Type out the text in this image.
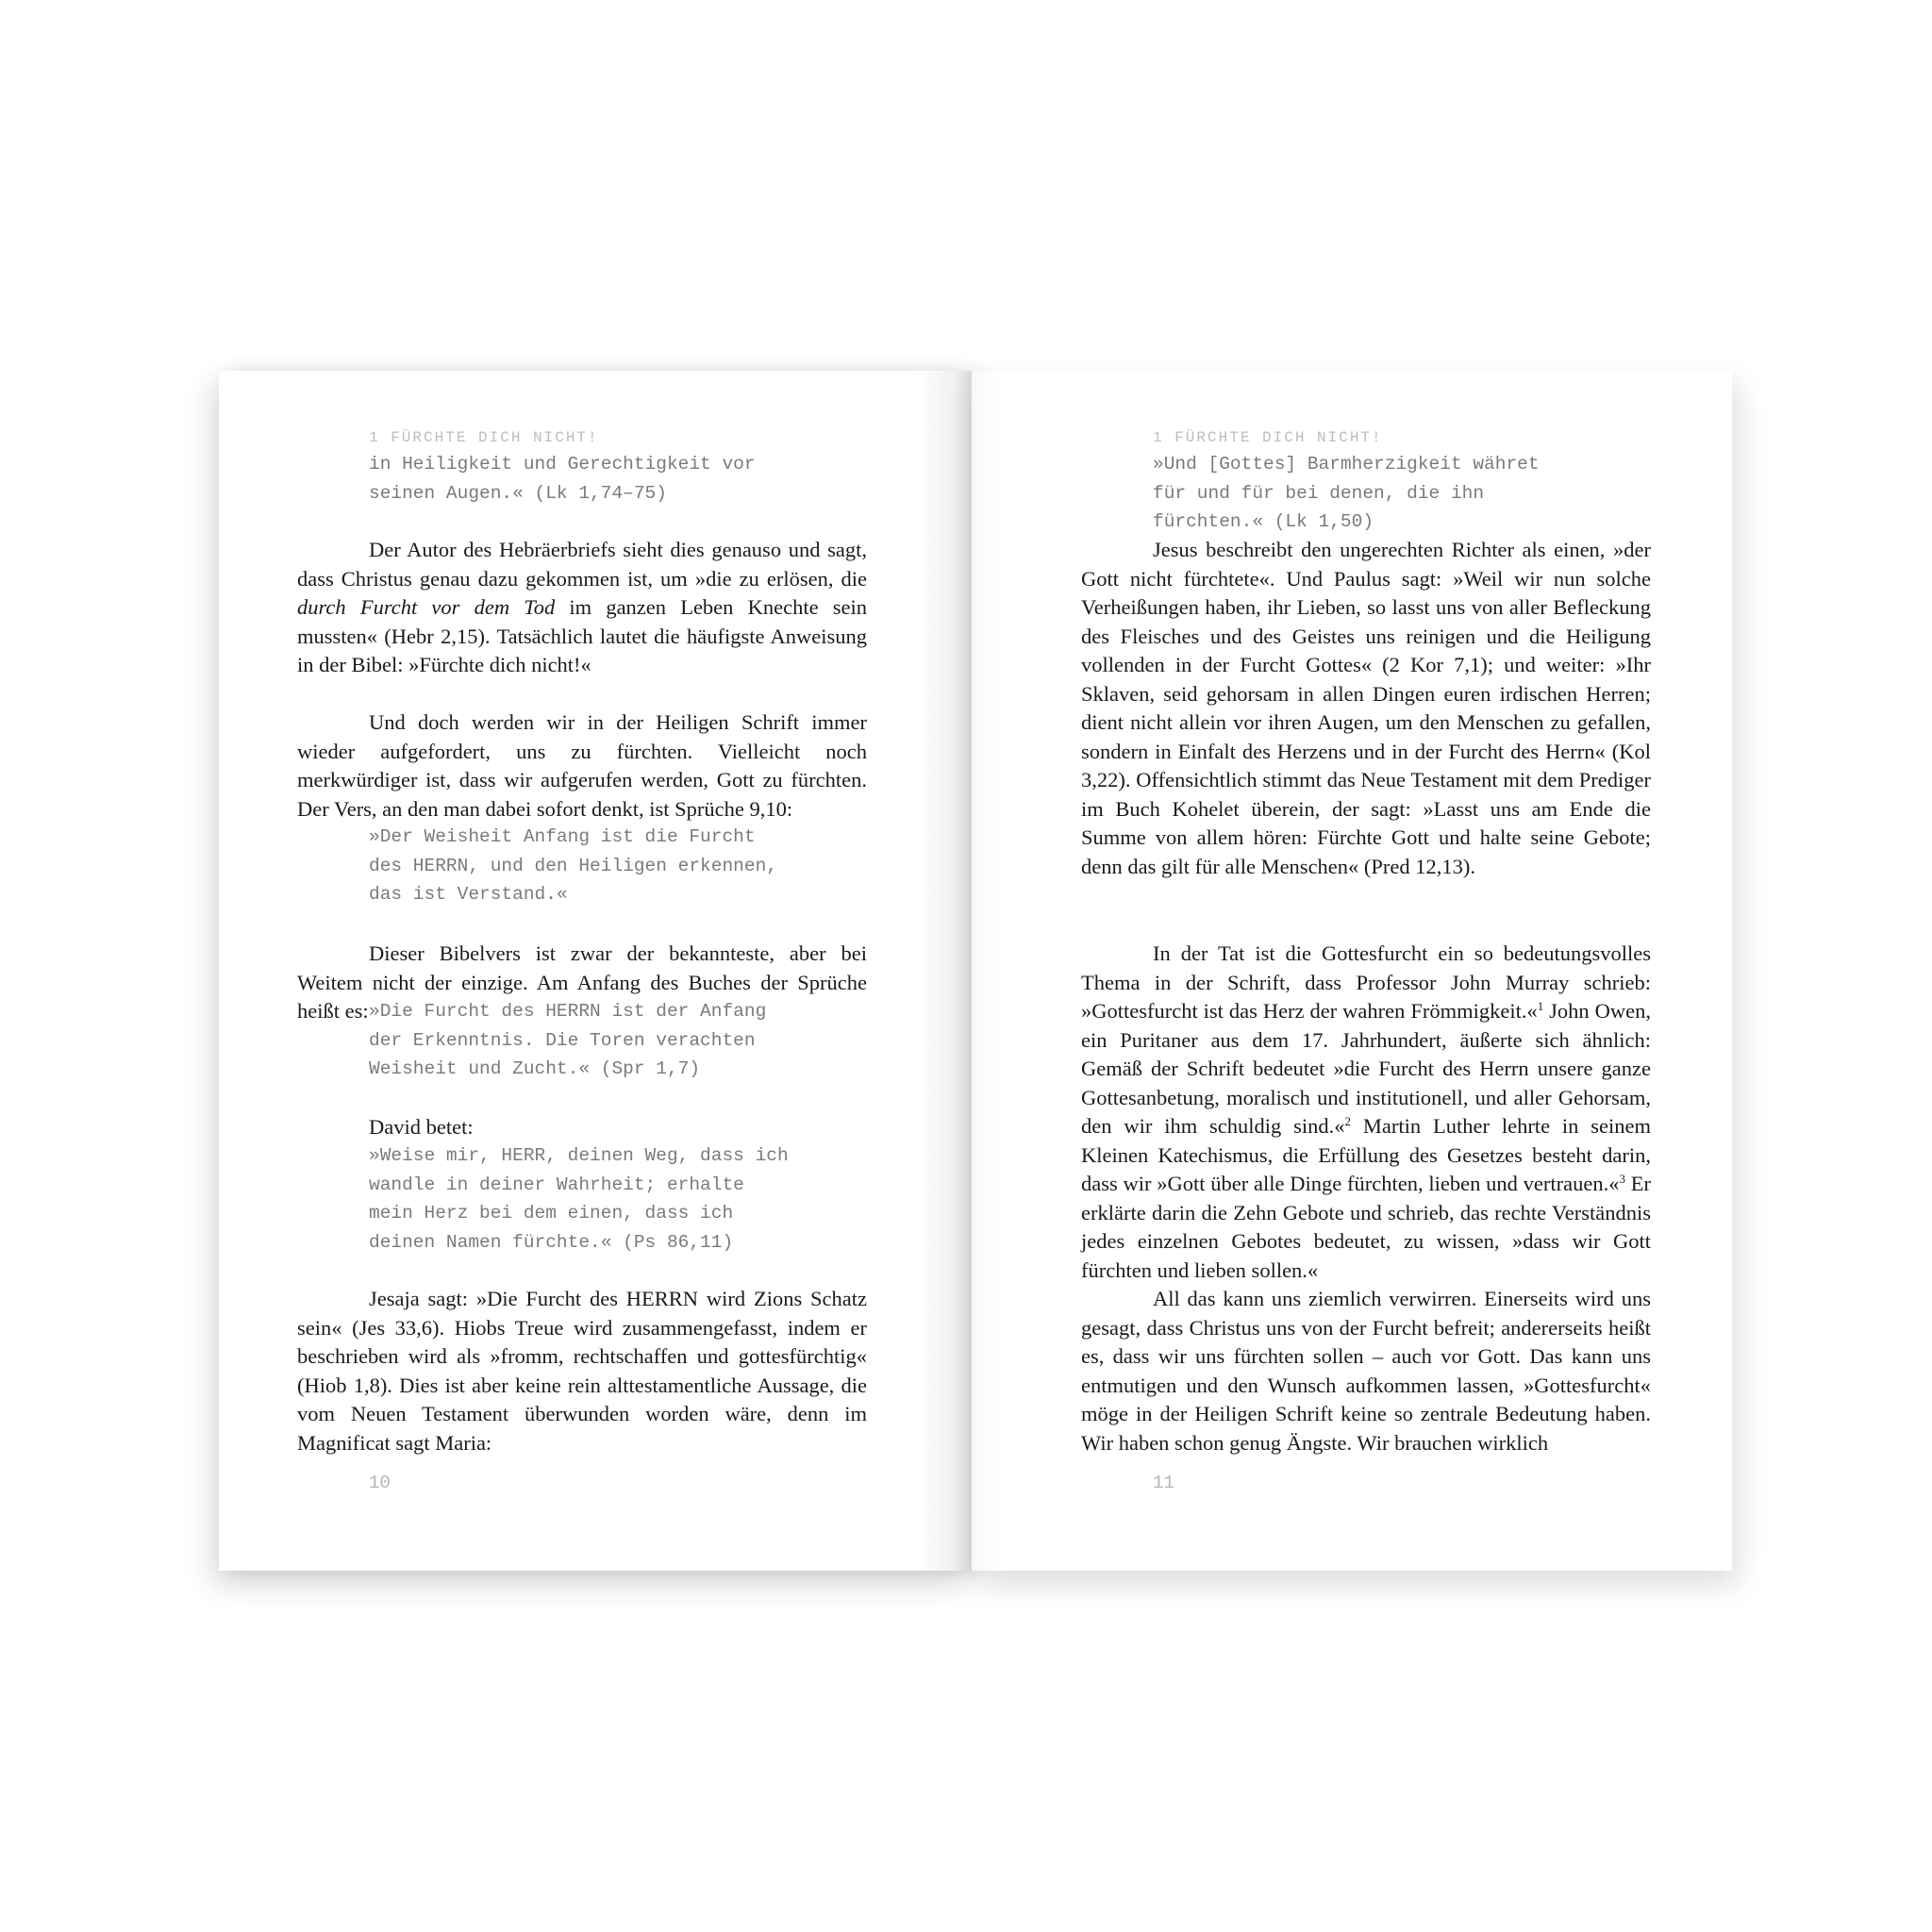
1 FÜRCHTE DICH NICHT!

in Heiligkeit und Gerechtigkeit vor seinen Augen.« (Lk 1,74–75)

Der Autor des Hebräerbriefs sieht dies genauso und sagt, dass Christus genau dazu gekommen ist, um »die zu erlösen, die durch Furcht vor dem Tod im ganzen Leben Knechte sein mussten« (Hebr 2,15). Tatsächlich lautet die häufigste Anweisung in der Bibel: »Fürchte dich nicht!«

Und doch werden wir in der Heiligen Schrift immer wieder aufgefordert, uns zu fürchten. Vielleicht noch merkwürdiger ist, dass wir aufgerufen werden, Gott zu fürchten. Der Vers, an den man dabei sofort denkt, ist Sprüche 9,10:

»Der Weisheit Anfang ist die Furcht des HERRN, und den Heiligen erkennen, das ist Verstand.«

Dieser Bibelvers ist zwar der bekannteste, aber bei Weitem nicht der einzige. Am Anfang des Buches der Sprüche heißt es: »Die Furcht des HERRN ist der Anfang der Erkenntnis. Die Toren verachten Weisheit und Zucht.« (Spr 1,7)

David betet:

»Weise mir, HERR, deinen Weg, dass ich wandle in deiner Wahrheit; erhalte mein Herz bei dem einen, dass ich deinen Namen fürchte.« (Ps 86,11)

Jesaja sagt: »Die Furcht des HERRN wird Zions Schatz sein« (Jes 33,6). Hiobs Treue wird zusammengefasst, indem er beschrieben wird als »fromm, rechtschaffen und gottesfürchtig« (Hiob 1,8). Dies ist aber keine rein alttestamentliche Aussage, die vom Neuen Testament überwunden worden wäre, denn im Magnificat sagt Maria:

10
1 FÜRCHTE DICH NICHT!

»Und [Gottes] Barmherzigkeit währet für und für bei denen, die ihn fürchten.« (Lk 1,50)

Jesus beschreibt den ungerechten Richter als einen, »der Gott nicht fürchtete«. Und Paulus sagt: »Weil wir nun solche Verheißungen haben, ihr Lieben, so lasst uns von aller Befleckung des Fleisches und des Geistes uns reinigen und die Heiligung vollenden in der Furcht Gottes« (2 Kor 7,1); und weiter: »Ihr Sklaven, seid gehorsam in allen Dingen euren irdischen Herren; dient nicht allein vor ihren Augen, um den Menschen zu gefallen, sondern in Einfalt des Herzens und in der Furcht des Herrn« (Kol 3,22). Offensichtlich stimmt das Neue Testament mit dem Prediger im Buch Kohelet überein, der sagt: »Lasst uns am Ende die Summe von allem hören: Fürchte Gott und halte seine Gebote; denn das gilt für alle Menschen« (Pred 12,13).

In der Tat ist die Gottesfurcht ein so bedeutungsvolles Thema in der Schrift, dass Professor John Murray schrieb: »Gottesfurcht ist das Herz der wahren Frömmigkeit.«$^1$ John Owen, ein Puritaner aus dem 17. Jahrhundert, äußerte sich ähnlich: Gemäß der Schrift bedeutet »die Furcht des Herrn unsere ganze Gottesanbetung, moralisch und institutionell, und aller Gehorsam, den wir ihm schuldig sind.«$^2$ Martin Luther lehrte in seinem Kleinen Katechismus, die Erfüllung des Gesetzes besteht darin, dass wir »Gott über alle Dinge fürchten, lieben und vertrauen.«$^3$ Er erklärte darin die Zehn Gebote und schrieb, das rechte Verständnis jedes einzelnen Gebotes bedeutet, zu wissen, »dass wir Gott fürchten und lieben sollen.«

All das kann uns ziemlich verwirren. Einerseits wird uns gesagt, dass Christus uns von der Furcht befreit; andererseits heißt es, dass wir uns fürchten sollen – auch vor Gott. Das kann uns entmutigen und den Wunsch aufkommen lassen, »Gottesfurcht« möge in der Heiligen Schrift keine so zentrale Bedeutung haben. Wir haben schon genug Ängste. Wir brauchen wirklich

11
